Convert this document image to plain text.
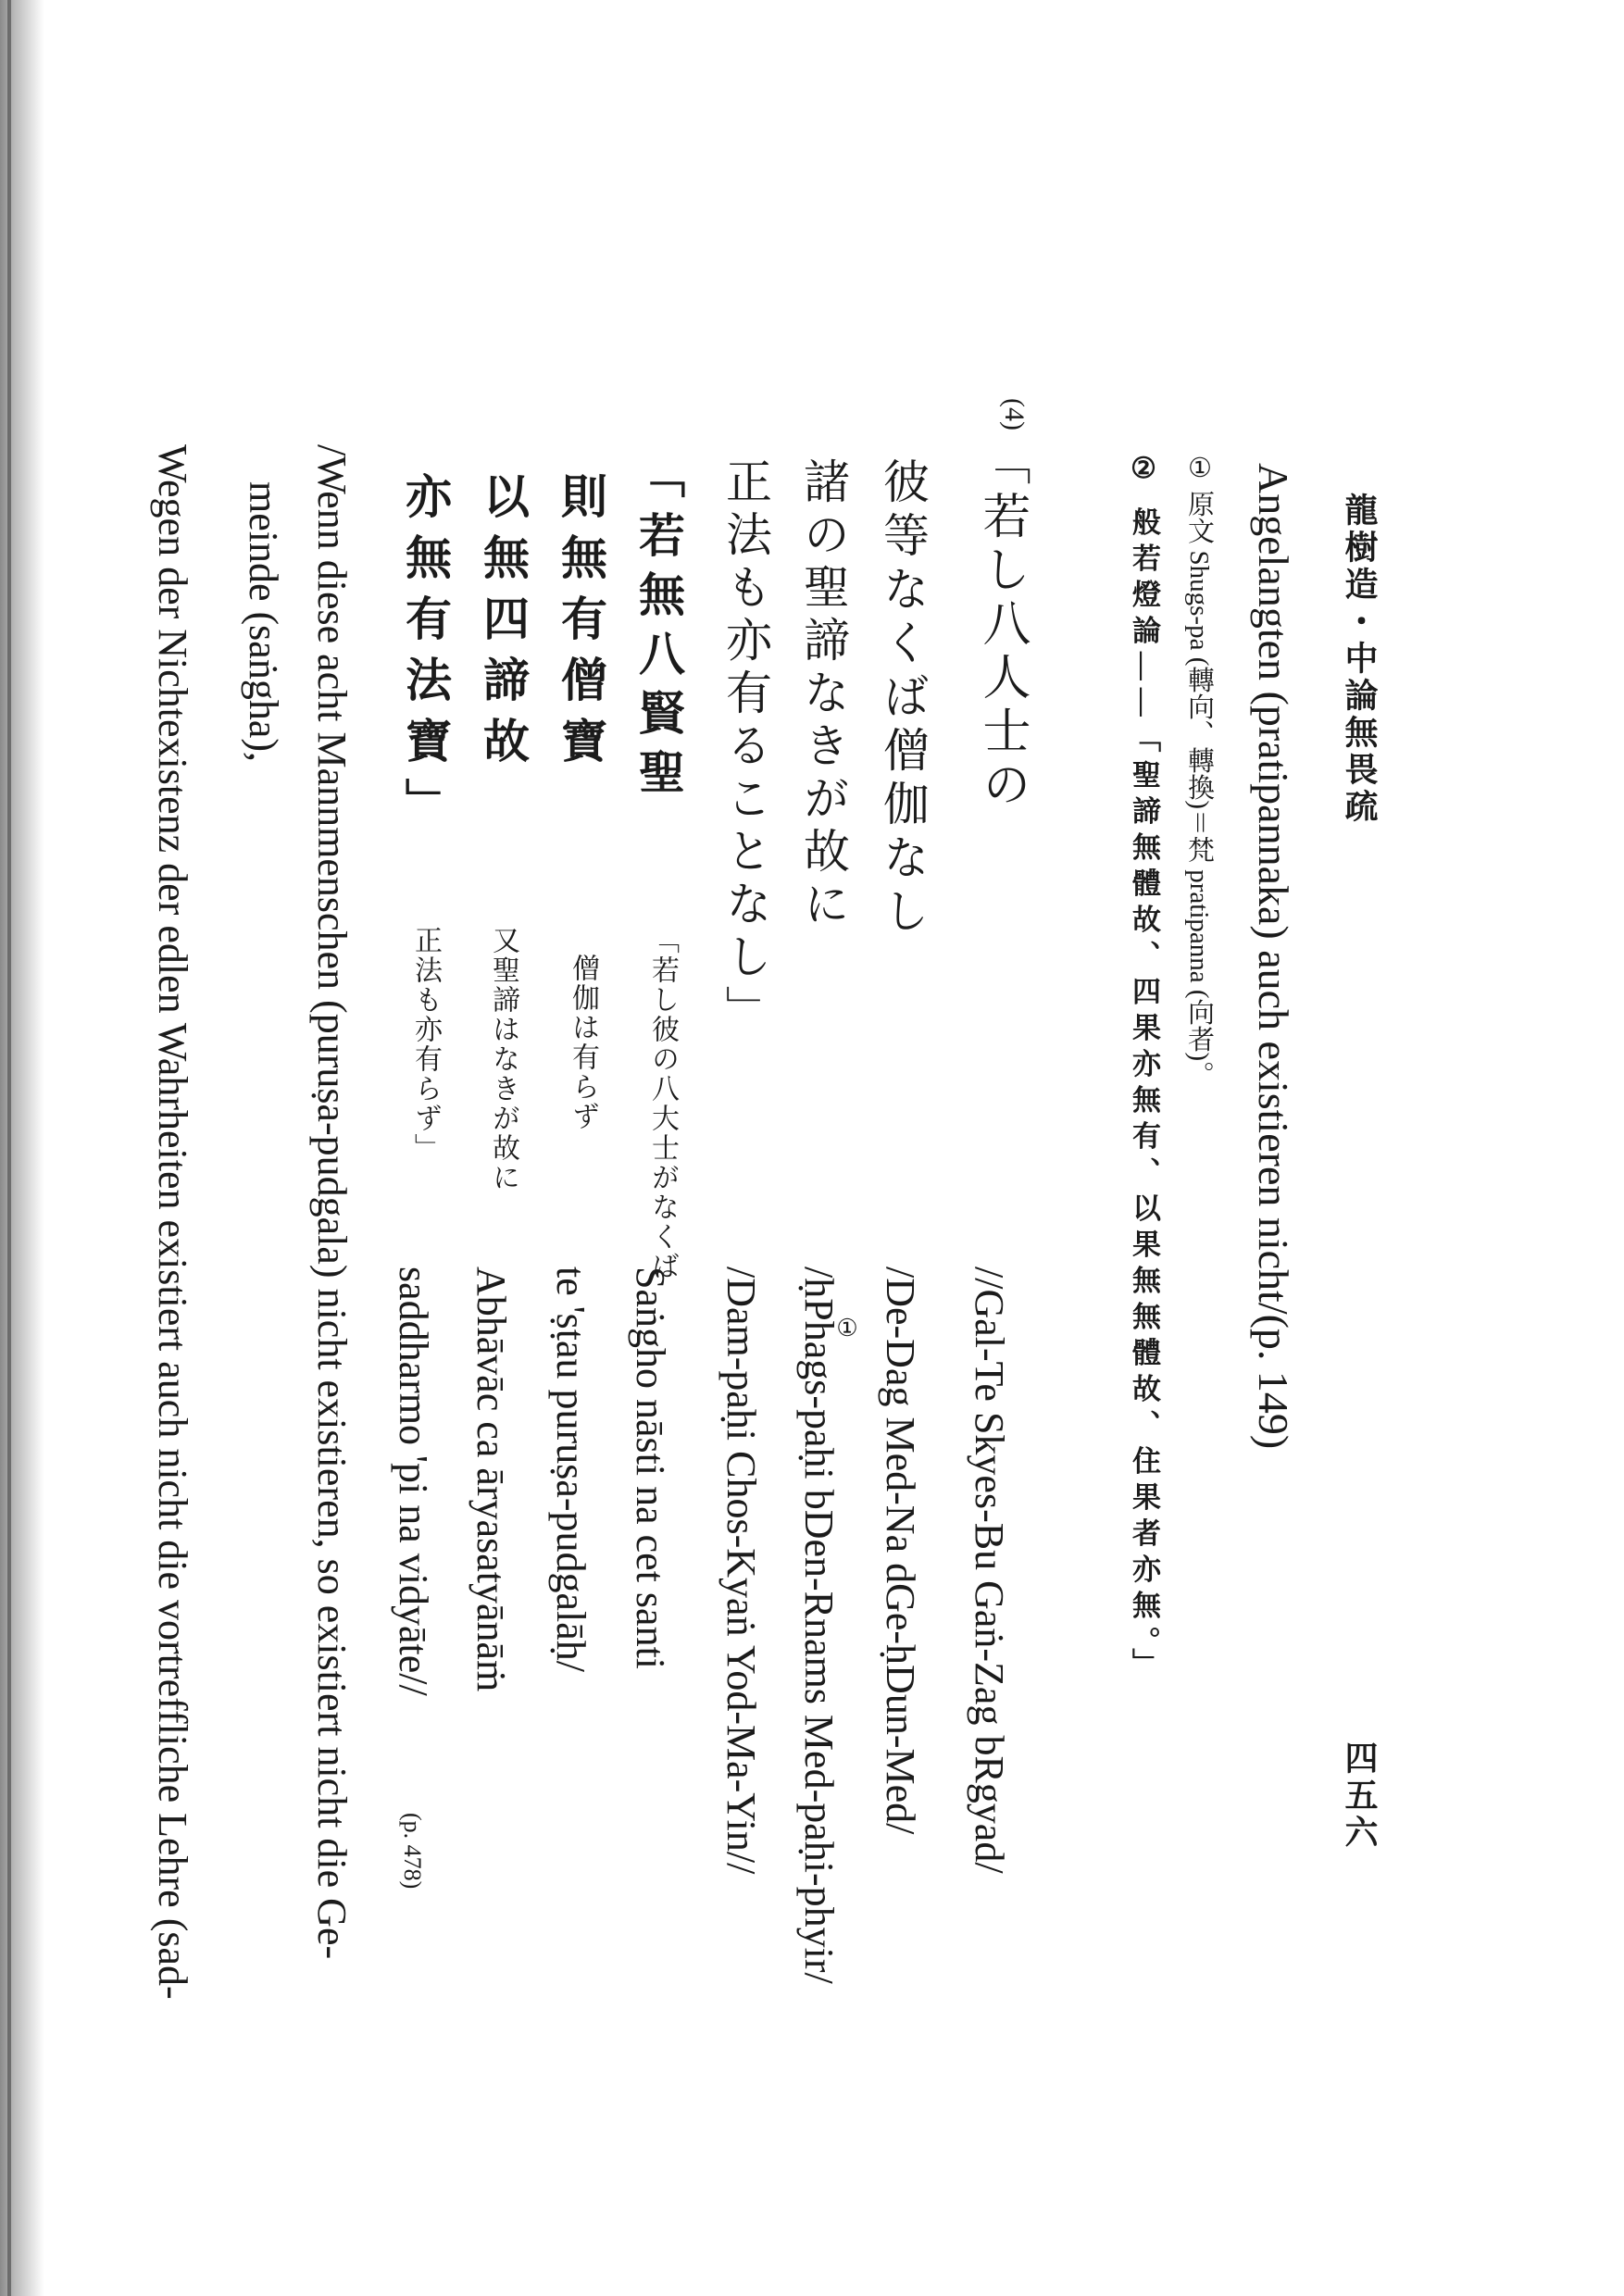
龍樹造・中論無畏疏
四五六
Angelangten (pratipannaka) auch existieren nicht/(p. 149)
① 原文 Shugs-pa (轉向、轉換)＝梵 pratipanna (向者)。
② 般若燈論――「聖諦無體故、四果亦無有、以果無無體故、住果者亦無。」
(4)
「若し八人士の
彼等なくば僧伽なし
諸の聖諦なきが故に
正法も亦有ることなし」
//Gal-Te Skyes-Bu Gaṅ-Zag bRgyad/
/De-Dag Med-Na dGe-ḥDun-Med/
①
/ḥPhags-paḥi bDen-Rnams Med-paḥi-phyir/
/Dam-paḥi Chos-Kyaṅ Yod-Ma-Yin//
「若無八賢聖
則無有僧寶
以無四諦故
亦無有法寶」
「若し彼の八大士がなくば
僧伽は有らず
又聖諦はなきが故に
正法も亦有らず」
Saṅgho nāsti na cet santi
te 'ṣṭau puruṣa-pudgalāḥ/
Abhāvāc ca āryasatyānāṁ
saddharmo 'pi na vidyāte//
(p. 478)
/Wenn diese acht Mannmenschen (puruṣa-pudgala) nicht existieren, so existiert nicht die Ge-
meinde (saṅgha),
Wegen der Nichtexistenz der edlen Wahrheiten existiert auch nicht die vortreffliche Lehre (sad-
